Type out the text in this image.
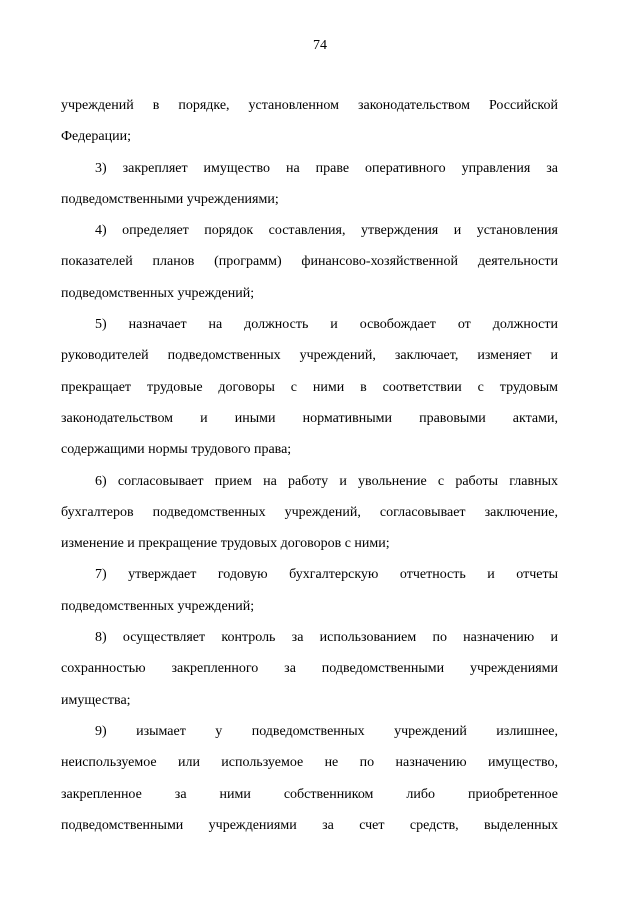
74
учреждений в порядке, установленном законодательством Российской
Федерации;
3) закрепляет имущество на праве оперативного управления за
подведомственными учреждениями;
4) определяет порядок составления, утверждения и установления
показателей планов (программ) финансово-хозяйственной деятельности
подведомственных учреждений;
5) назначает на должность и освобождает от должности
руководителей подведомственных учреждений, заключает, изменяет и
прекращает трудовые договоры с ними в соответствии с трудовым
законодательством и иными нормативными правовыми актами,
содержащими нормы трудового права;
6) согласовывает прием на работу и увольнение с работы главных
бухгалтеров подведомственных учреждений, согласовывает заключение,
изменение и прекращение трудовых договоров с ними;
7) утверждает годовую бухгалтерскую отчетность и отчеты
подведомственных учреждений;
8) осуществляет контроль за использованием по назначению и
сохранностью закрепленного за подведомственными учреждениями
имущества;
9) изымает у подведомственных учреждений излишнее,
неиспользуемое или используемое не по назначению имущество,
закрепленное за ними собственником либо приобретенное
подведомственными учреждениями за счет средств, выделенных
